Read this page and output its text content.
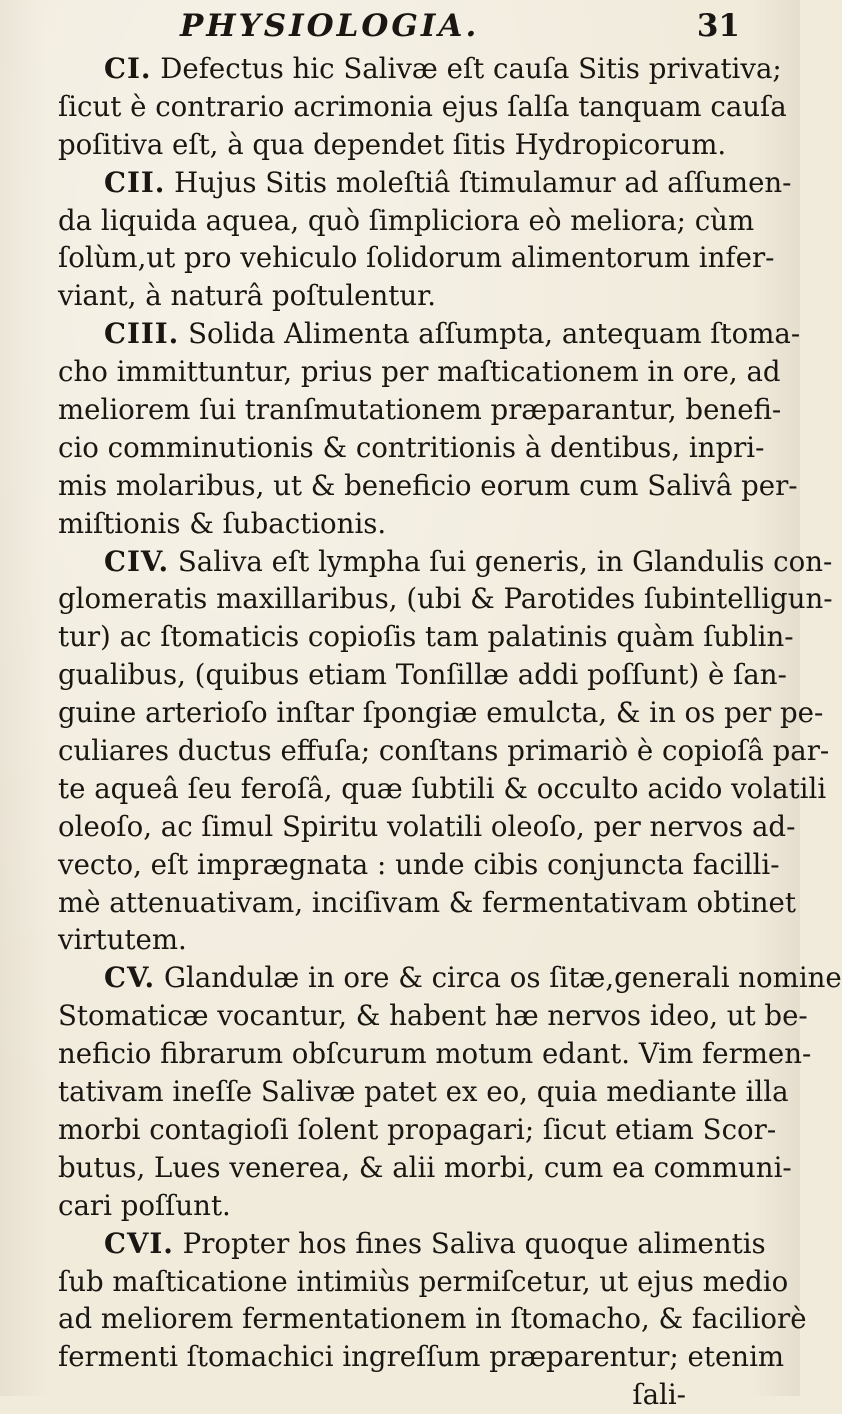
PHYSIOLOGIA.	31
CI. Defectus hic Salivæ eſt cauſa Sitis privativa;
ſicut è contrario acrimonia ejus ſalſa tanquam cauſa
poſitiva eſt, à qua dependet ſitis Hydropicorum.
CII. Hujus Sitis moleſtiâ ſtimulamur ad aſſumen-
da liquida aquea, quò ſimpliciora eò meliora; cùm
ſolùm,ut pro vehiculo ſolidorum alimentorum infer-
viant, à naturâ poſtulentur.
CIII. Solida Alimenta aſſumpta, antequam ſtoma-
cho immittuntur, prius per maſticationem in ore, ad
meliorem ſui tranſmutationem præparantur, benefi-
cio comminutionis & contritionis à dentibus, inpri-
mis molaribus, ut & beneficio eorum cum Salivâ per-
miſtionis & ſubactionis.
CIV. Saliva eſt lympha ſui generis, in Glandulis con-
glomeratis maxillaribus, (ubi & Parotides ſubintelligun-
tur) ac ſtomaticis copioſis tam palatinis quàm ſublin-
gualibus, (quibus etiam Tonſillæ addi poſſunt) è ſan-
guine arterioſo inſtar ſpongiæ emulcta, & in os per pe-
culiares ductus effuſa; conſtans primariò è copioſâ par-
te aqueâ ſeu feroſâ, quæ ſubtili & occulto acido volatili
oleoſo, ac ſimul Spiritu volatili oleoſo, per nervos ad-
vecto, eſt imprægnata : unde cibis conjuncta facilli-
mè attenuativam, inciſivam & fermentativam obtinet
virtutem.
CV. Glandulæ in ore & circa os ſitæ,generali nomine
Stomaticæ vocantur, & habent hæ nervos ideo, ut be-
neficio fibrarum obſcurum motum edant. Vim fermen-
tativam ineſſe Salivæ patet ex eo, quia mediante illa
morbi contagioſi ſolent propagari; ſicut etiam Scor-
butus, Lues venerea, & alii morbi, cum ea communi-
cari poſſunt.
CVI. Propter hos fines Saliva quoque alimentis
ſub maſticatione intimiùs permiſcetur, ut ejus medio
ad meliorem fermentationem in ſtomacho, & faciliorè
fermenti ſtomachici ingreſſum præparentur; etenim
ſali-
